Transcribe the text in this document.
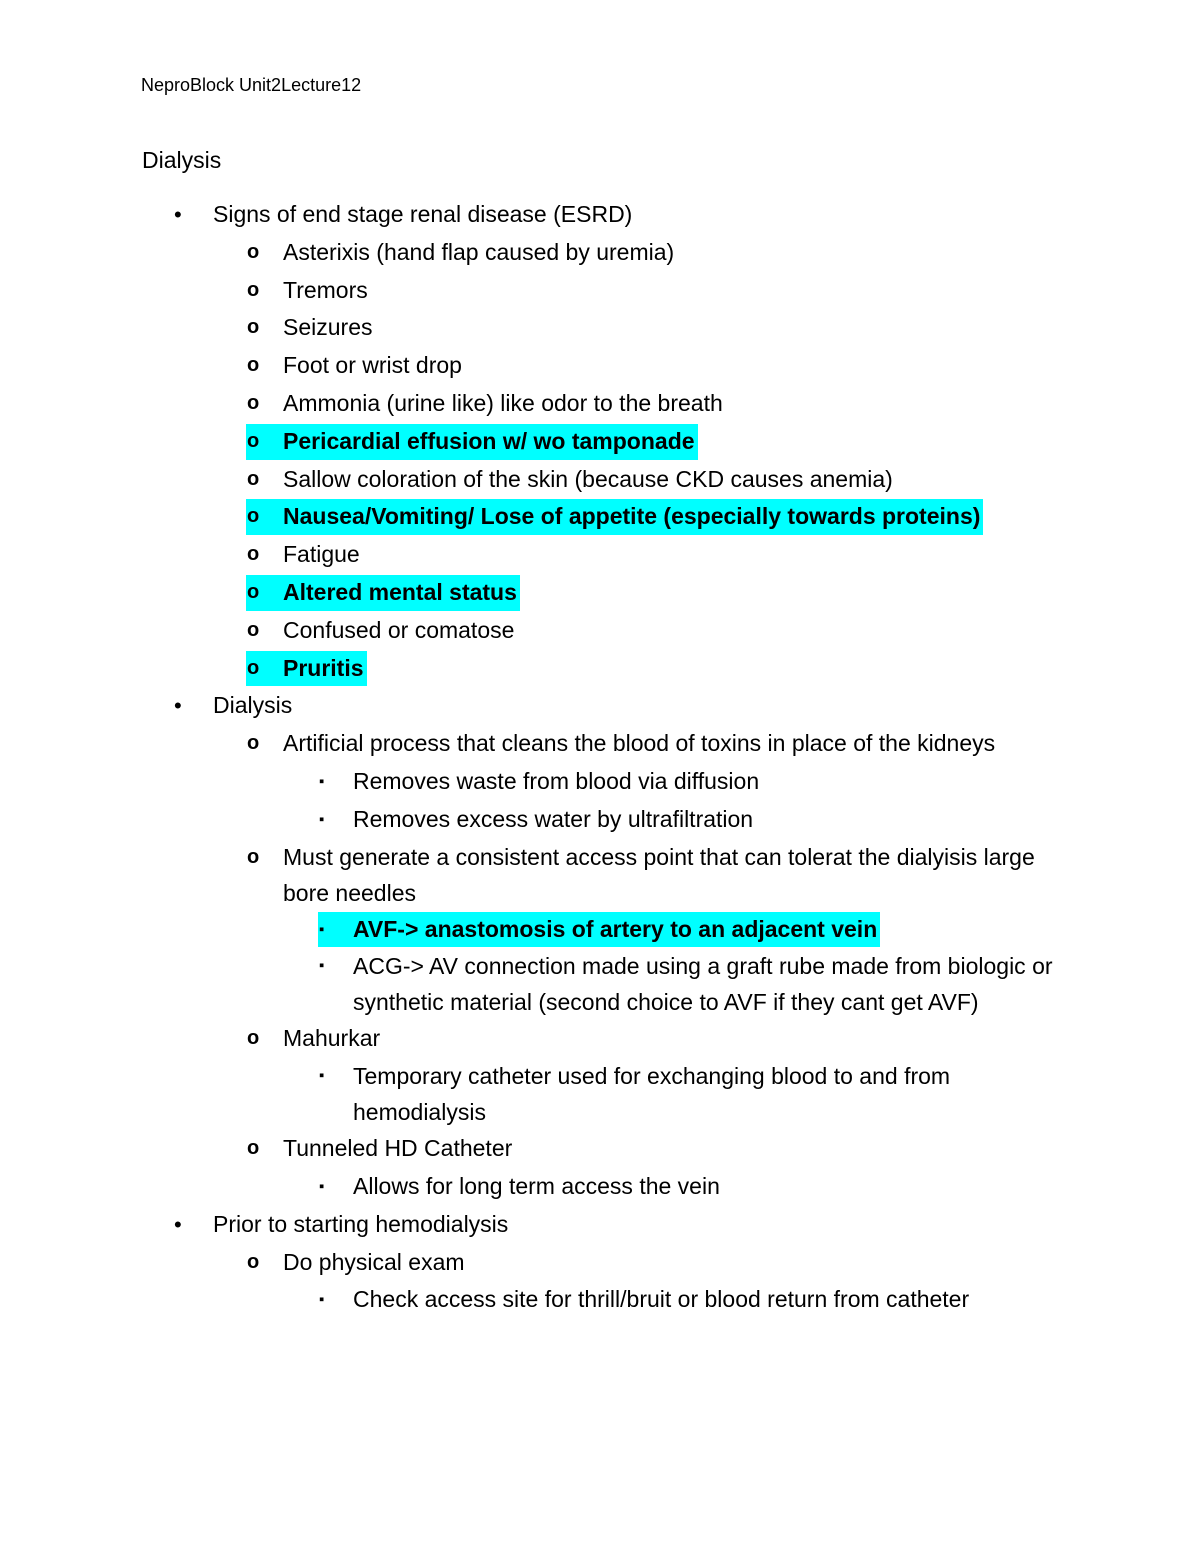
NeproBlock Unit2Lecture12
Dialysis
• Signs of end stage renal disease (ESRD)
o Asterixis (hand flap caused by uremia)
o Tremors
o Seizures
o Foot or wrist drop
o Ammonia (urine like) like odor to the breath
o Pericardial effusion w/ wo tamponade
o Sallow coloration of the skin (because CKD causes anemia)
o Nausea/Vomiting/ Lose of appetite (especially towards proteins)
o Fatigue
o Altered mental status
o Confused or comatose
o Pruritis
• Dialysis
o Artificial process that cleans the blood of toxins in place of the kidneys
▪ Removes waste from blood via diffusion
▪ Removes excess water by ultrafiltration
o Must generate a consistent access point that can tolerat the dialyisis large bore needles
▪ AVF-> anastomosis of artery to an adjacent vein
▪ ACG-> AV connection made using a graft rube made from biologic or synthetic material (second choice to AVF if they cant get AVF)
o Mahurkar
▪ Temporary catheter used for exchanging blood to and from hemodialysis
o Tunneled HD Catheter
▪ Allows for long term access the vein
• Prior to starting hemodialysis
o Do physical exam
▪ Check access site for thrill/bruit or blood return from catheter
